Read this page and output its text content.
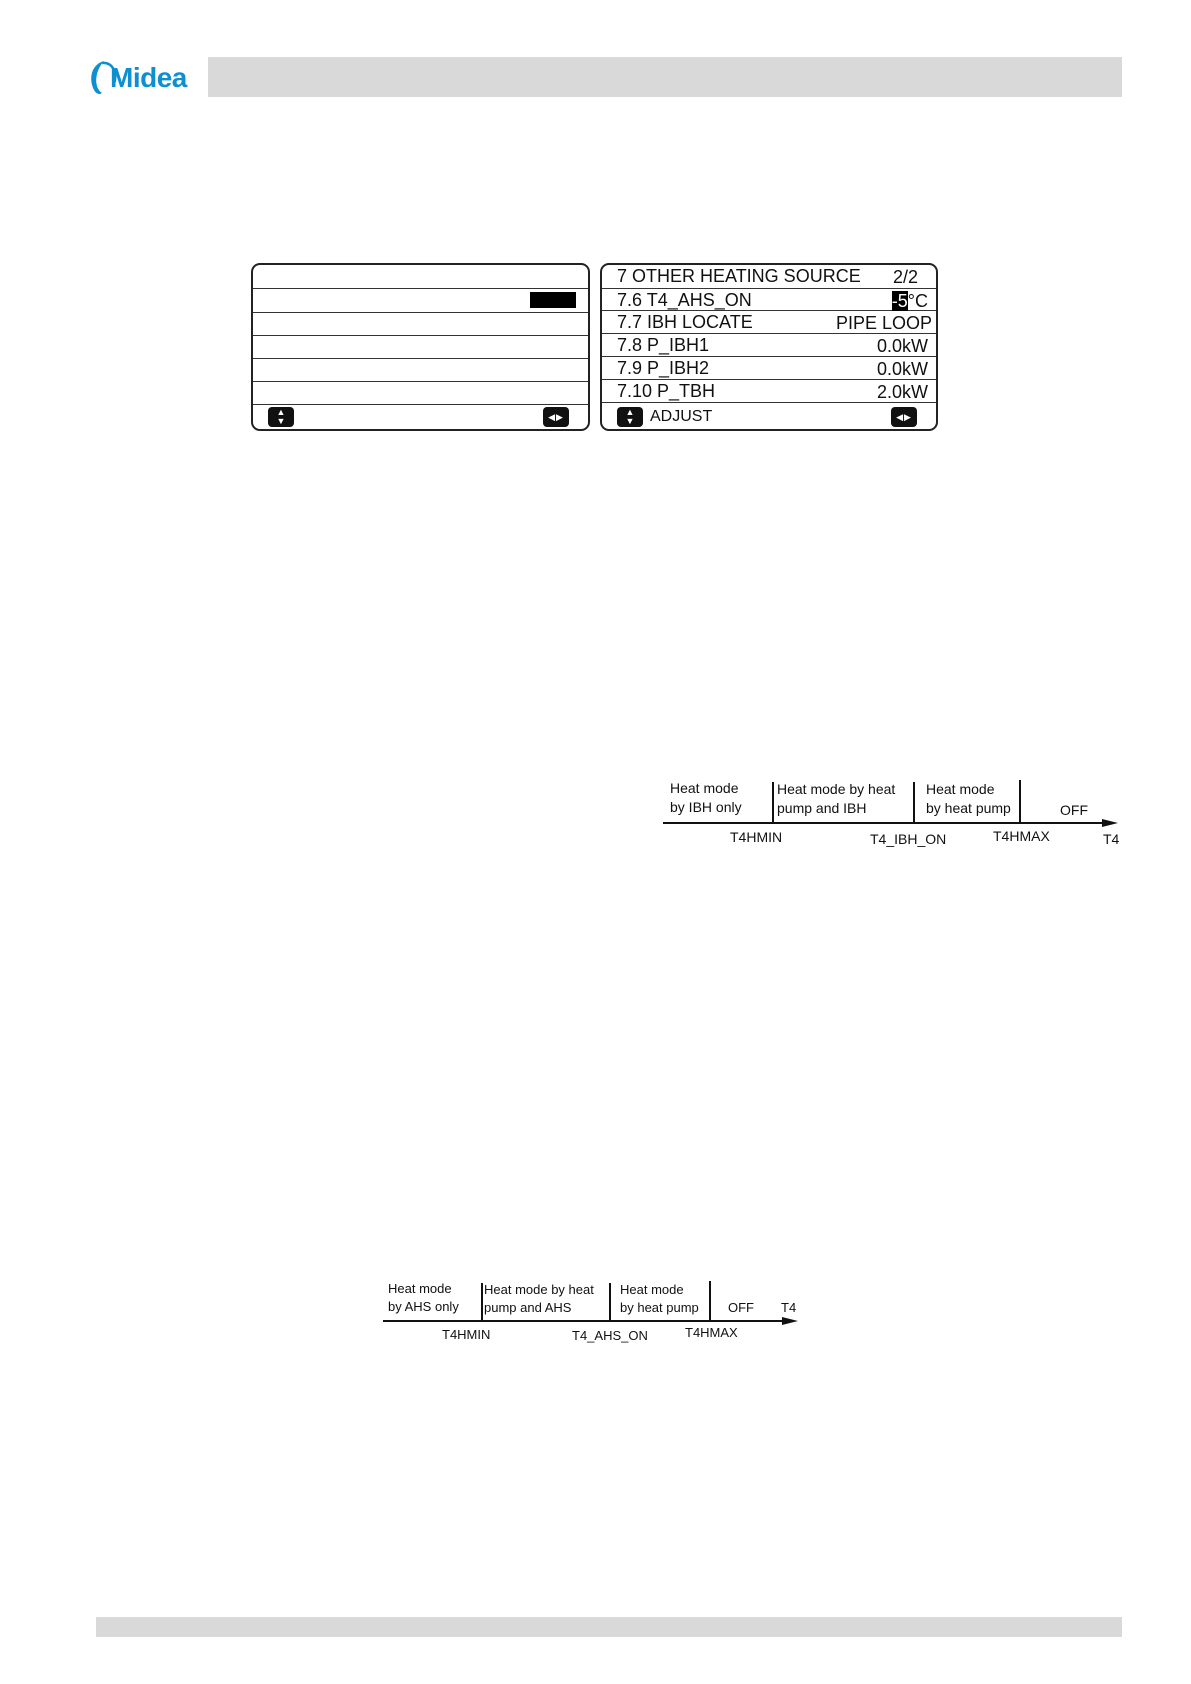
Midea
▲
▼	◀ ▶
7 OTHER HEATING SOURCE 2/2
7.6 T4_AHS_ON	-5°C
7.7 IBH LOCATE	PIPE LOOP
7.8 P_IBH1	0.0kW
7.9 P_IBH2	0.0kW
7.10 P_TBH	2.0kW
▲
▼ ADJUST	◀ ▶
Heat mode
by IBH only
Heat mode by heat
pump and IBH
Heat mode
by heat pump	OFF
T4HMIN	T4_IBH_ON	T4HMAX	T4
Heat mode
by AHS only
Heat mode by heat
pump and AHS
Heat mode
by heat pump OFF T4
T4HMIN	T4_AHS_ON	T4HMAX
